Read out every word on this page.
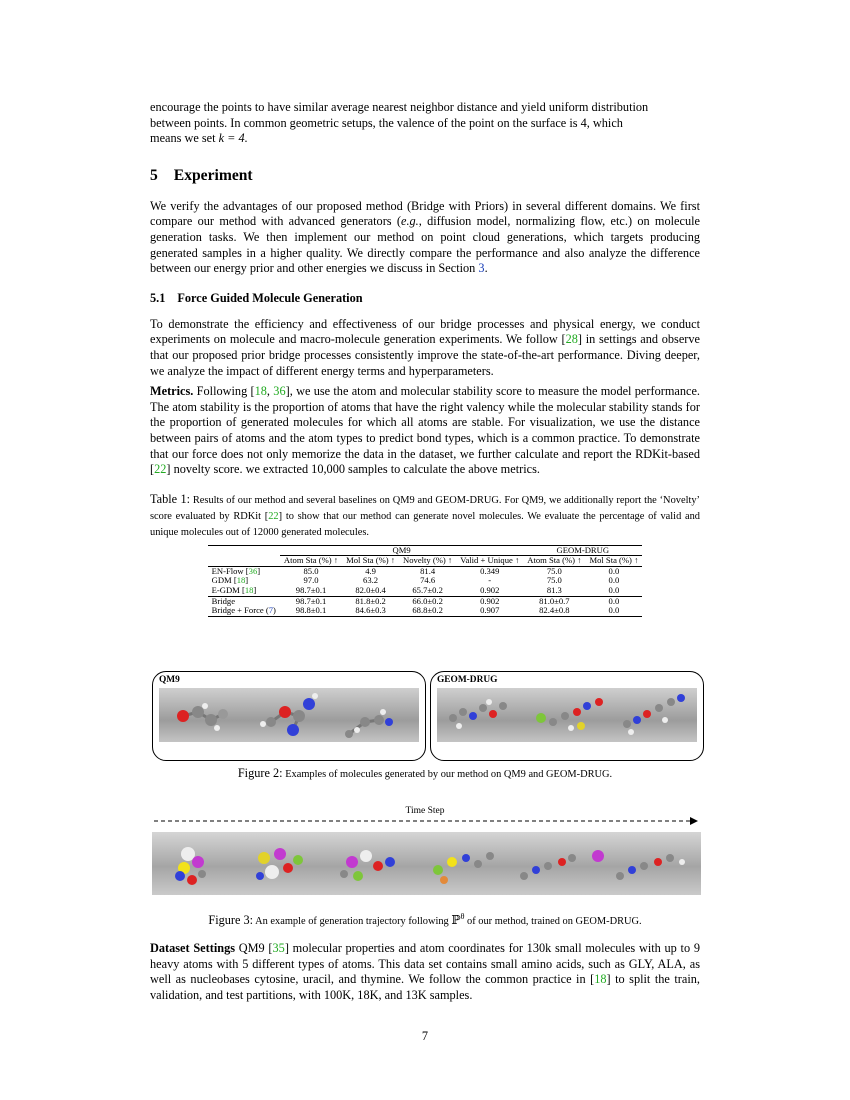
encourage the points to have similar average nearest neighbor distance and yield uniform distribution
between points. In common geometric setups, the valence of the point on the surface is 4, which
means we set k = 4.

5 Experiment

We verify the advantages of our proposed method (Bridge with Priors) in several different domains. We first compare our method with advanced generators (e.g., diffusion model, normalizing flow, etc.) on molecule generation tasks. We then implement our method on point cloud generations, which targets producing generated samples in a higher quality. We directly compare the performance and also analyze the difference between our energy prior and other energies we discuss in Section 3.

5.1 Force Guided Molecule Generation

To demonstrate the efficiency and effectiveness of our bridge processes and physical energy, we conduct experiments on molecule and macro-molecule generation experiments. We follow [28] in settings and observe that our proposed prior bridge processes consistently improve the state-of-the-art performance. Diving deeper, we analyze the impact of different energy terms and hyperparameters.

Metrics. Following [18, 36], we use the atom and molecular stability score to measure the model performance. The atom stability is the proportion of atoms that have the right valency while the molecular stability stands for the proportion of generated molecules for which all atoms are stable. For visualization, we use the distance between pairs of atoms and the atom types to predict bond types, which is a common practice. To demonstrate that our force does not only memorize the data in the dataset, we further calculate and report the RDKit-based [22] novelty score. we extracted 10,000 samples to calculate the above metrics.

Table 1: Results of our method and several baselines on QM9 and GEOM-DRUG. For QM9, we additionally report the ‘Novelty’ score evaluated by RDKit [22] to show that our method can generate novel molecules. We evaluate the percentage of valid and unique molecules out of 12000 generated molecules.

	QM9				GEOM-DRUG	
	Atom Sta (%) ↑	Mol Sta (%) ↑	Novelty (%) ↑	Valid + Unique ↑	Atom Sta (%) ↑	Mol Sta (%) ↑
EN-Flow [36]	85.0	4.9	81.4	0.349	75.0	0.0
GDM [18]	97.0	63.2	74.6	-	75.0	0.0
E-GDM [18]	98.7±0.1	82.0±0.4	65.7±0.2	0.902	81.3	0.0
Bridge	98.7±0.1	81.8±0.2	66.0±0.2	0.902	81.0±0.7	0.0
Bridge + Force (7)	98.8±0.1	84.6±0.3	68.8±0.2	0.907	82.4±0.8	0.0
QM9	GEOM-DRUG

Figure 2: Examples of molecules generated by our method on QM9 and GEOM-DRUG.

Time Step

Figure 3: An example of generation trajectory following ℙ$^\theta$ of our method, trained on GEOM-DRUG.

Dataset Settings QM9 [35] molecular properties and atom coordinates for 130k small molecules with up to 9 heavy atoms with 5 different types of atoms. This data set contains small amino acids, such as GLY, ALA, as well as nucleobases cytosine, uracil, and thymine. We follow the common practice in [18] to split the train, validation, and test partitions, with 100K, 18K, and 13K samples.

7
